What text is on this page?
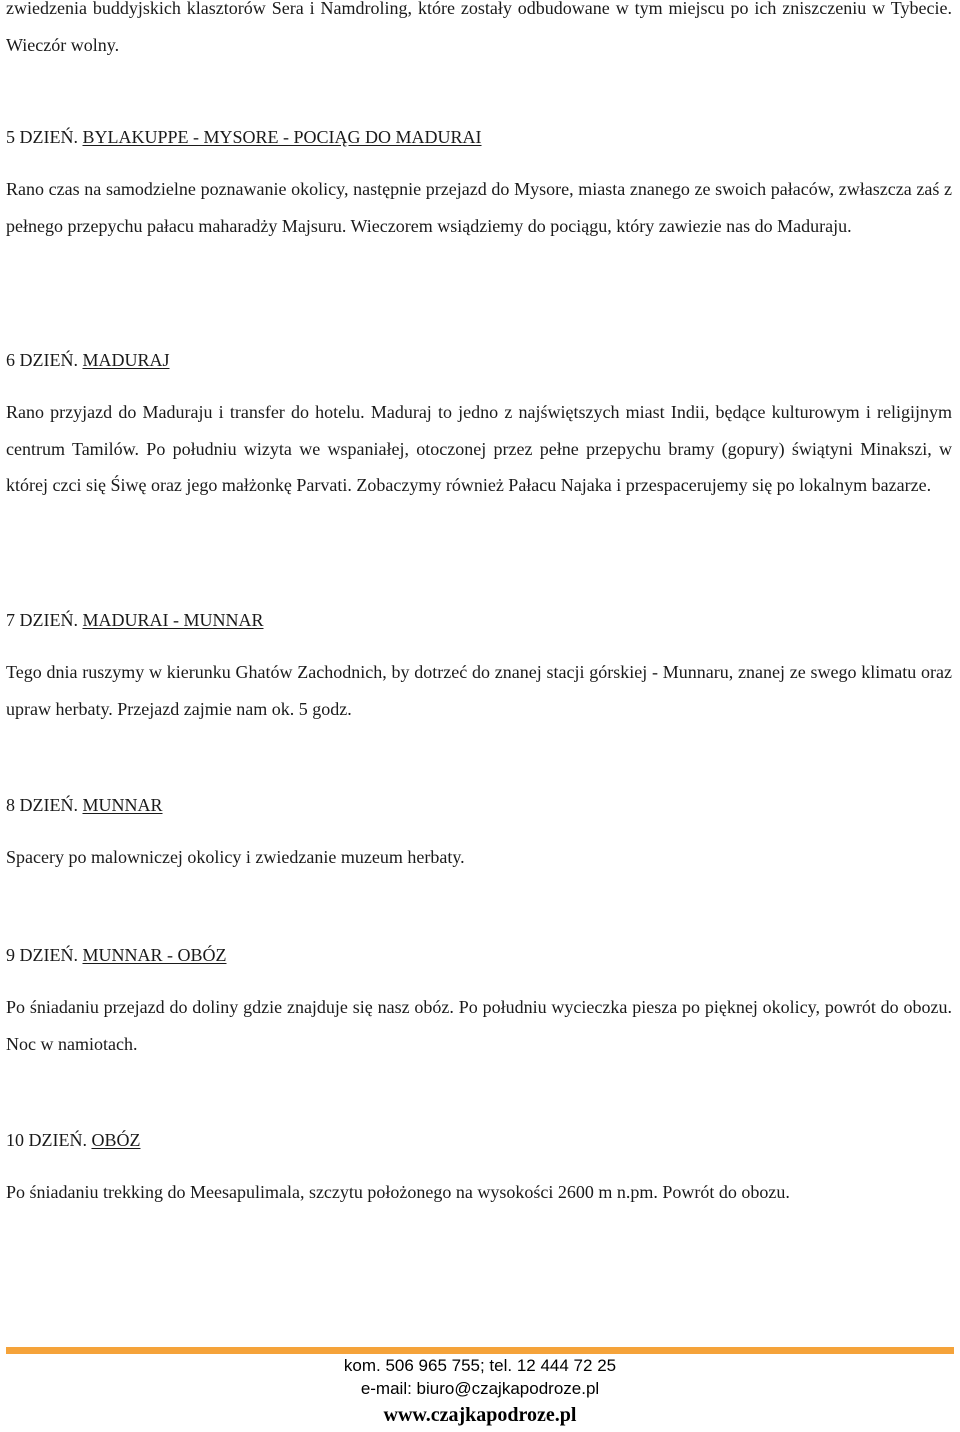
zwiedzenia buddyjskich klasztorów Sera i Namdroling, które zostały odbudowane w tym miejscu po ich zniszczeniu w Tybecie. Wieczór wolny.

5 DZIEŃ. BYLAKUPPE - MYSORE - POCIĄG DO MADURAI

Rano czas na samodzielne poznawanie okolicy, następnie przejazd do Mysore, miasta znanego ze swoich pałaców, zwłaszcza zaś z pełnego przepychu pałacu maharadży Majsuru. Wieczorem wsiądziemy do pociągu, który zawiezie nas do Maduraju.

6 DZIEŃ. MADURAJ

Rano przyjazd do Maduraju i transfer do hotelu. Maduraj to jedno z najświętszych miast Indii, będące kulturowym i religijnym centrum Tamilów. Po południu wizyta we wspaniałej, otoczonej przez pełne przepychu bramy (gopury) świątyni Minakszi, w której czci się Śiwę oraz jego małżonkę Parvati. Zobaczymy również Pałacu Najaka i przespacerujemy się po lokalnym bazarze.

7 DZIEŃ. MADURAI - MUNNAR

Tego dnia ruszymy w kierunku Ghatów Zachodnich, by dotrzeć do znanej stacji górskiej - Munnaru, znanej ze swego klimatu oraz upraw herbaty. Przejazd zajmie nam ok. 5 godz.

8 DZIEŃ. MUNNAR

Spacery po malowniczej okolicy i zwiedzanie muzeum herbaty.

9 DZIEŃ. MUNNAR - OBÓZ

Po śniadaniu przejazd do doliny gdzie znajduje się nasz obóz. Po południu wycieczka piesza po pięknej okolicy, powrót do obozu. Noc w namiotach.

10 DZIEŃ. OBÓZ

Po śniadaniu trekking do Meesapulimala, szczytu położonego na wysokości 2600 m n.pm. Powrót do obozu.

kom. 506 965 755; tel. 12 444 72 25
e-mail: biuro@czajkapodroze.pl
www.czajkapodroze.pl
